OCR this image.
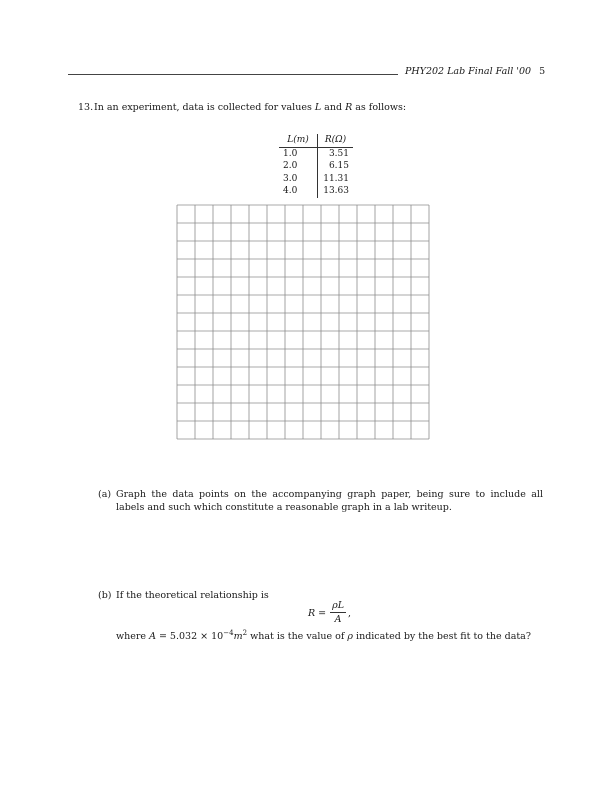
PHY202 Lab Final Fall '00 5
13.In an experiment, data is collected for values L and R as follows:
L(m)	R(Ω)
1.0	3.51
2.0	6.15
3.0	11.31
4.0	13.63
(a) Graph the data points on the accompanying graph paper, being sure to include all labels and such which constitute a reasonable graph in a lab writeup.
(b) If the theoretical relationship is
$R = \frac{\rho L}{A}$ ,
where $A = 5.032 \times 10^{-4}m^2$ what is the value of ρ indicated by the best fit to the data?
